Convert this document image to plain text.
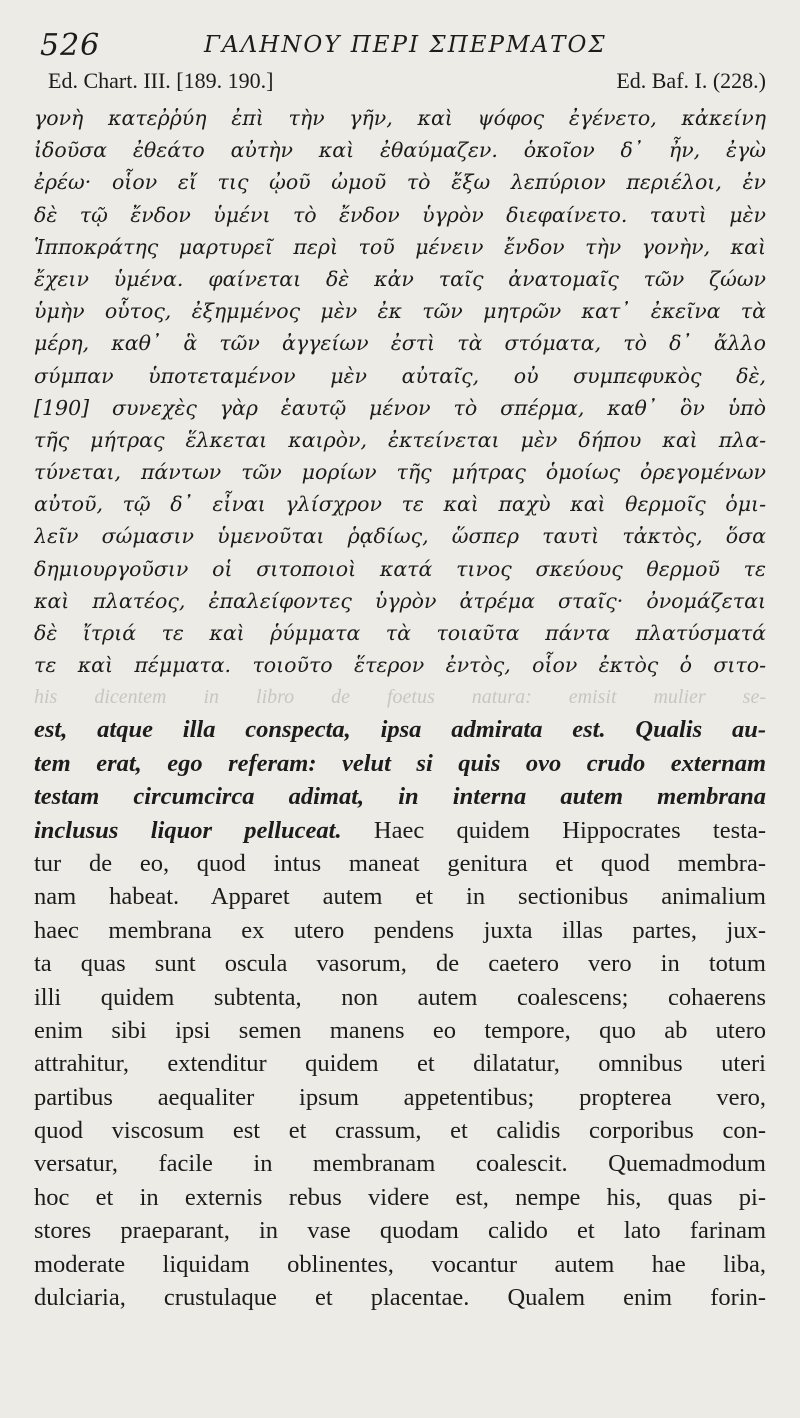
526	ΓΑΛΗΝΟΥ ΠΕΡΙ ΣΠΕΡΜΑΤΟΣ
Ed. Chart. III. [189. 190.]	Ed. Baf. I. (228.)
γονὴ κατεῤῥύη ἐπὶ τὴν γῆν, καὶ ψόφος ἐγένετο, κἀκείνη
ἰδοῦσα ἐθεάτο αὐτὴν καὶ ἐθαύμαζεν. ὁκοῖον δ᾽ ἦν, ἐγὼ
ἐρέω· οἷον εἴ τις ᾠοῦ ὠμοῦ τὸ ἔξω λεπύριον περιέλοι, ἐν
δὲ τῷ ἔνδον ὑμένι τὸ ἔνδον ὑγρὸν διεφαίνετο. ταυτὶ μὲν
Ἱπποκράτης μαρτυρεῖ περὶ τοῦ μένειν ἔνδον τὴν γονὴν, καὶ
ἔχειν ὑμένα. φαίνεται δὲ κἀν ταῖς ἀνατομαῖς τῶν ζώων
ὑμὴν οὗτος, ἐξημμένος μὲν ἐκ τῶν μητρῶν κατ᾽ ἐκεῖνα τὰ
μέρη, καθ᾽ ἃ τῶν ἀγγείων ἐστὶ τὰ στόματα, τὸ δ᾽ ἄλλο
σύμπαν ὑποτεταμένον μὲν αὐταῖς, οὐ συμπεφυκὸς δὲ,
[190] συνεχὲς γὰρ ἑαυτῷ μένον τὸ σπέρμα, καθ᾽ ὃν ὑπὸ
τῆς μήτρας ἕλκεται καιρὸν, ἐκτείνεται μὲν δήπου καὶ πλα-
τύνεται, πάντων τῶν μορίων τῆς μήτρας ὁμοίως ὀρεγομένων
αὐτοῦ, τῷ δ᾽ εἶναι γλίσχρον τε καὶ παχὺ καὶ θερμοῖς ὁμι-
λεῖν σώμασιν ὑμενοῦται ῥᾳδίως, ὥσπερ ταυτὶ τἀκτὸς, ὅσα
δημιουργοῦσιν οἱ σιτοποιοὶ κατά τινος σκεύους θερμοῦ τε
καὶ πλατέος, ἐπαλείφοντες ὑγρὸν ἀτρέμα σταῖς· ὀνομάζεται
δὲ ἴτριά τε καὶ ῥύμματα τὰ τοιαῦτα πάντα πλατύσματά
τε καὶ πέμματα. τοιοῦτο ἕτερον ἐντὸς, οἷον ἐκτὸς ὁ σιτο-
his dicentem in libro de foetus natura: emisit mulier se-
est, atque illa conspecta, ipsa admirata est. Qualis au-
tem erat, ego referam: velut si quis ovo crudo externam
testam circumcirca adimat, in interna autem membrana
inclusus liquor pelluceat. Haec quidem Hippocrates testa-
tur de eo, quod intus maneat genitura et quod membra-
nam habeat. Apparet autem et in sectionibus animalium
haec membrana ex utero pendens juxta illas partes, jux-
ta quas sunt oscula vasorum, de caetero vero in totum
illi quidem subtenta, non autem coalescens; cohaerens
enim sibi ipsi semen manens eo tempore, quo ab utero
attrahitur, extenditur quidem et dilatatur, omnibus uteri
partibus aequaliter ipsum appetentibus; propterea vero,
quod viscosum est et crassum, et calidis corporibus con-
versatur, facile in membranam coalescit. Quemadmodum
hoc et in externis rebus videre est, nempe his, quas pi-
stores praeparant, in vase quodam calido et lato farinam
moderate liquidam oblinentes, vocantur autem hae liba,
dulciaria, crustulaque et placentae. Qualem enim forin-
